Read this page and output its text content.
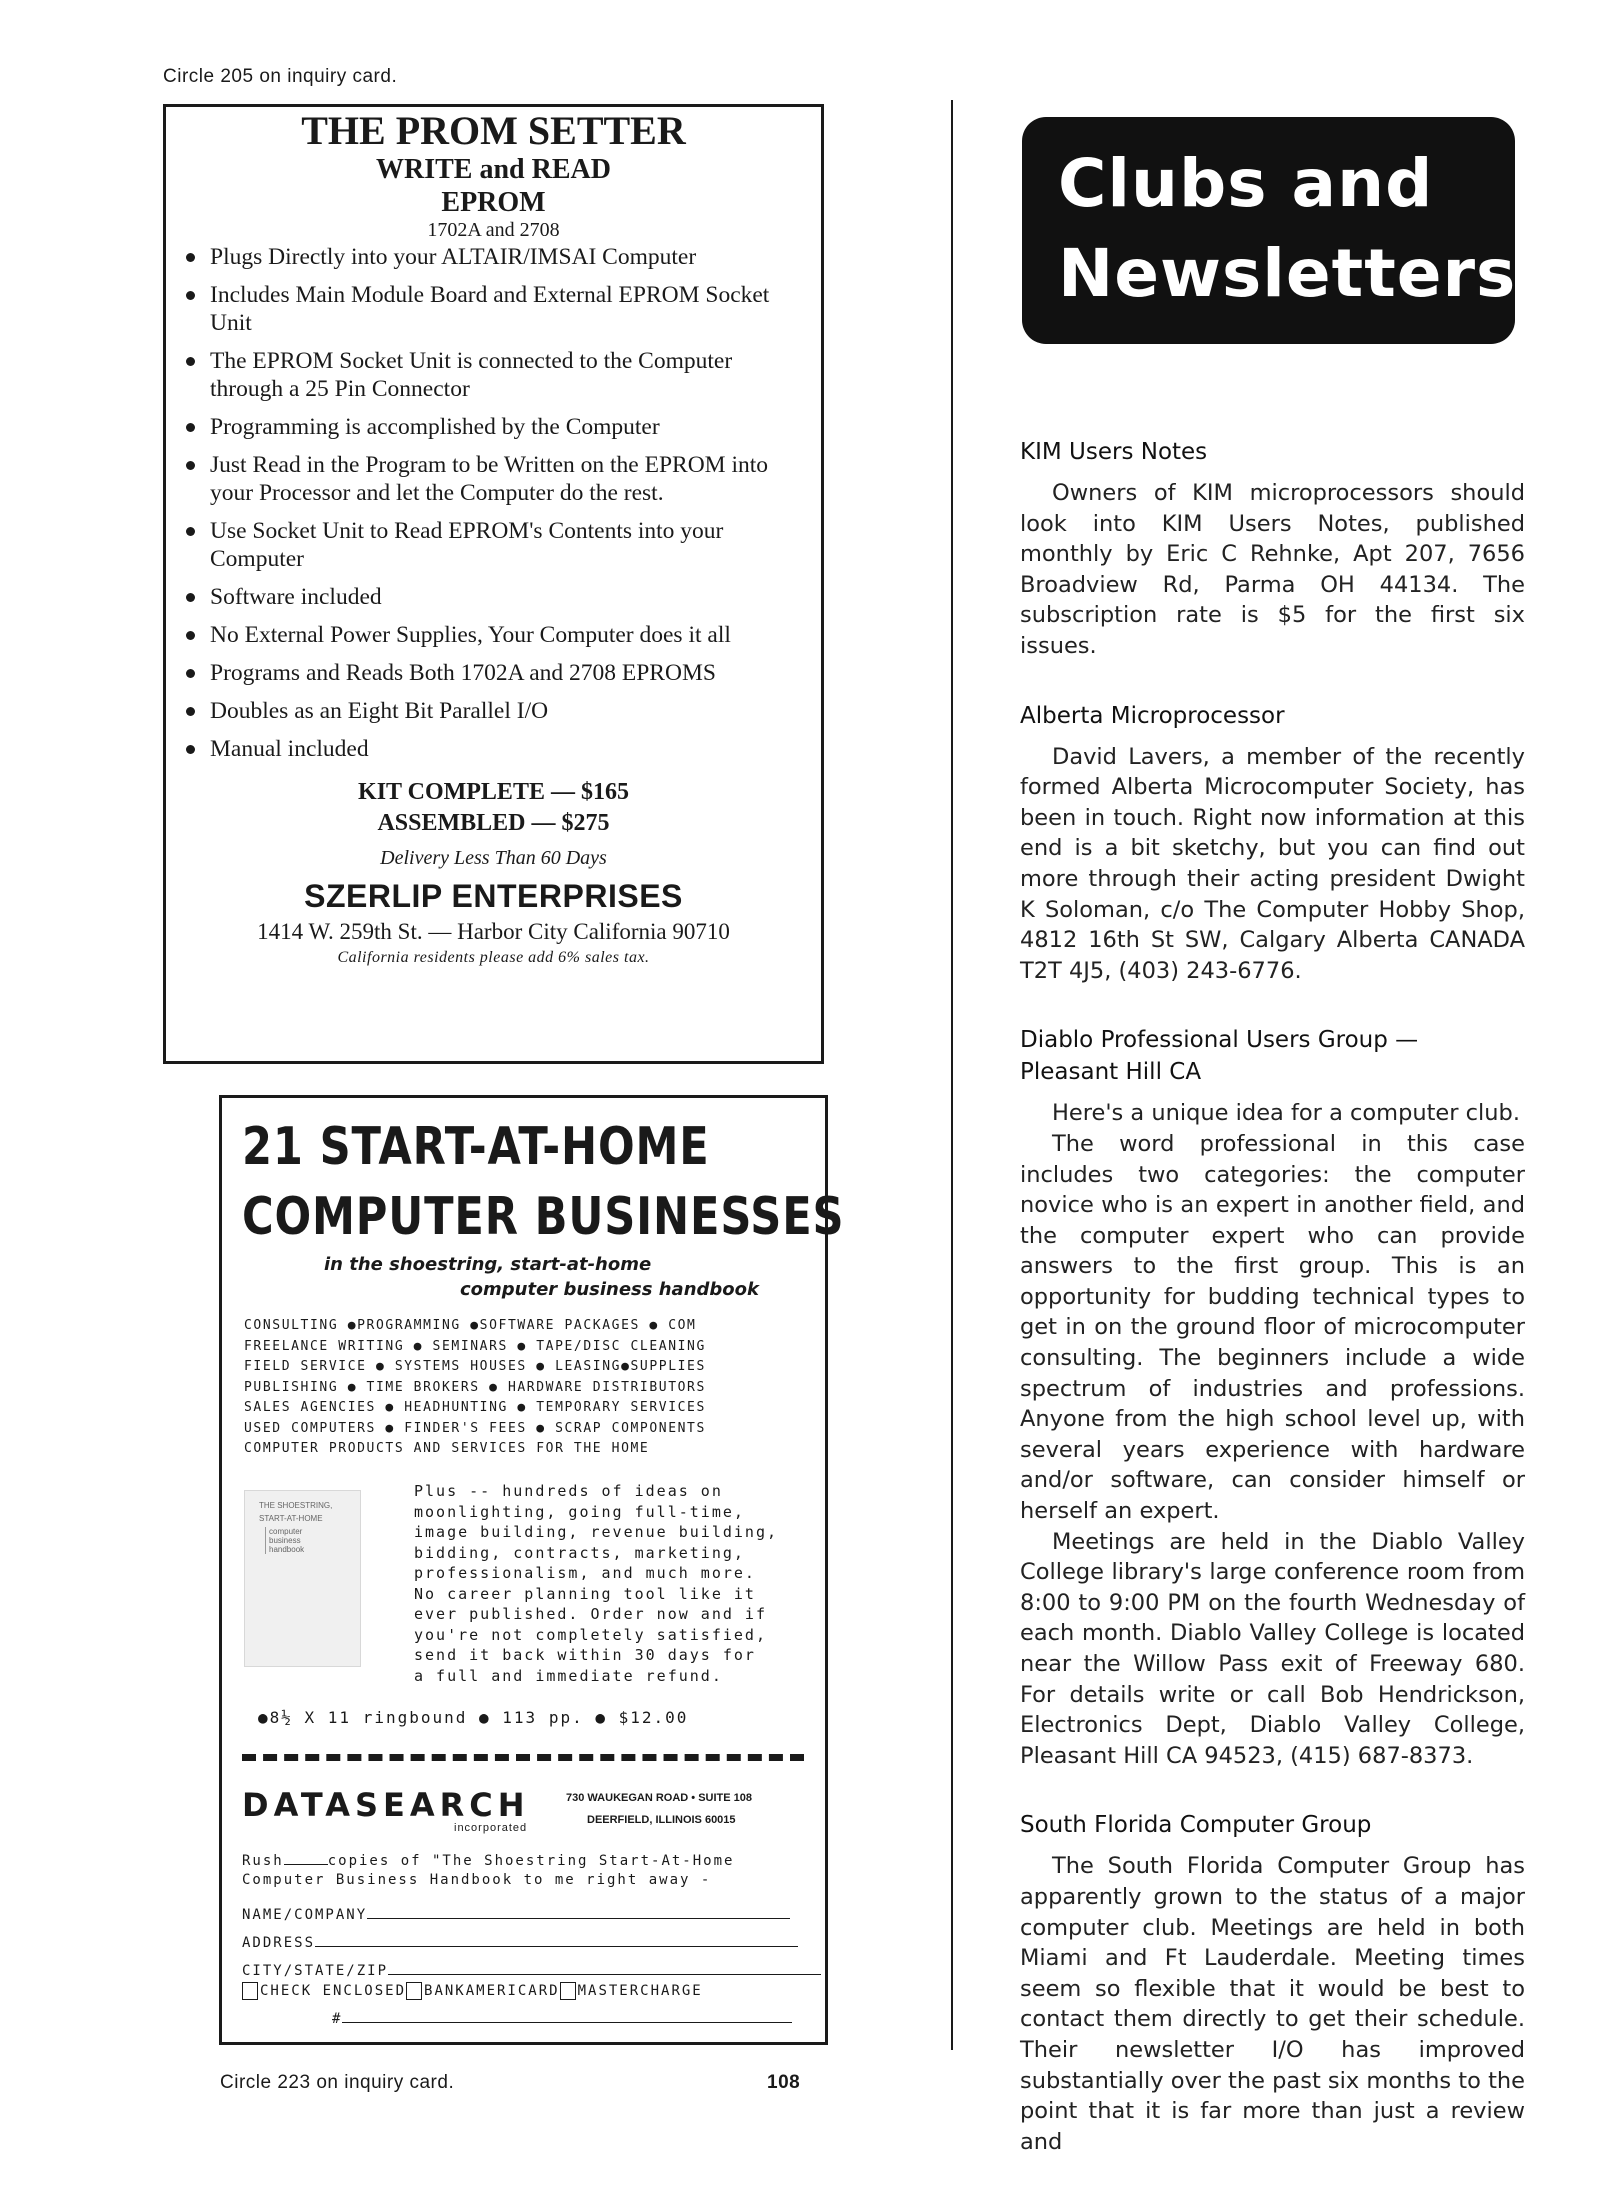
Circle 205 on inquiry card.
Circle 223 on inquiry card.	108
THE PROM SETTER
WRITE and READ
EPROM
1702A and 2708
Plugs Directly into your ALTAIR/IMSAI Computer
Includes Main Module Board and External EPROM Socket Unit
The EPROM Socket Unit is connected to the Computer through a 25 Pin Connector
Programming is accomplished by the Computer
Just Read in the Program to be Written on the EPROM into your Processor and let the Computer do the rest.
Use Socket Unit to Read EPROM's Contents into your Computer
Software included
No External Power Supplies, Your Computer does it all
Programs and Reads Both 1702A and 2708 EPROMS
Doubles as an Eight Bit Parallel I/O
Manual included
KIT COMPLETE — $165
ASSEMBLED — $275
Delivery Less Than 60 Days
SZERLIP ENTERPRISES
1414 W. 259th St. — Harbor City California 90710
California residents please add 6% sales tax.
21 START-AT-HOME
COMPUTER BUSINESSES
in the shoestring, start-at-home
computer business handbook
CONSULTING ●PROGRAMMING ●SOFTWARE PACKAGES ● COM
FREELANCE WRITING ● SEMINARS ● TAPE/DISC CLEANING
FIELD SERVICE ● SYSTEMS HOUSES ● LEASING●SUPPLIES
PUBLISHING ● TIME BROKERS ● HARDWARE DISTRIBUTORS
SALES AGENCIES ● HEADHUNTING ● TEMPORARY SERVICES
USED COMPUTERS ● FINDER'S FEES ● SCRAP COMPONENTS
COMPUTER PRODUCTS AND SERVICES FOR THE HOME
THE SHOESTRING,
START-AT-HOME
computer
business
handbook
Plus -- hundreds of ideas on
moonlighting, going full-time,
image building, revenue building,
bidding, contracts, marketing,
professionalism, and much more.
No career planning tool like it
ever published. Order now and if
you're not completely satisfied,
send it back within 30 days for
a full and immediate refund.
●8½ X 11 ringbound ● 113 pp. ● $12.00
DATASEARCH
incorporated
730 WAUKEGAN ROAD • SUITE 108
DEERFIELD, ILLINOIS 60015
Rush	copies of "The Shoestring Start-At-Home
Computer Business Handbook to me right away -
NAME/COMPANY
ADDRESS
CITY/STATE/ZIP
CHECK ENCLOSED BANKAMERICARD MASTERCHARGE
#
Clubs and
Newsletters
KIM Users Notes

Owners of KIM microprocessors should look into KIM Users Notes, published monthly by Eric C Rehnke, Apt 207, 7656 Broadview Rd, Parma OH 44134. The subscription rate is $5 for the first six issues.

Alberta Microprocessor

David Lavers, a member of the recently formed Alberta Microcomputer Society, has been in touch. Right now information at this end is a bit sketchy, but you can find out more through their acting president Dwight K Soloman, c/o The Computer Hobby Shop, 4812 16th St SW, Calgary Alberta CANADA T2T 4J5, (403) 243-6776.

Diablo Professional Users Group — Pleasant Hill CA

Here's a unique idea for a computer club.

The word professional in this case includes two categories: the computer novice who is an expert in another field, and the computer expert who can provide answers to the first group. This is an opportunity for budding technical types to get in on the ground floor of microcomputer consulting. The beginners include a wide spectrum of industries and professions. Anyone from the high school level up, with several years experience with hardware and/or software, can consider himself or herself an expert.

Meetings are held in the Diablo Valley College library's large conference room from 8:00 to 9:00 PM on the fourth Wednesday of each month. Diablo Valley College is located near the Willow Pass exit of Freeway 680. For details write or call Bob Hendrickson, Electronics Dept, Diablo Valley College, Pleasant Hill CA 94523, (415) 687-8373.

South Florida Computer Group

The South Florida Computer Group has apparently grown to the status of a major computer club. Meetings are held in both Miami and Ft Lauderdale. Meeting times seem so flexible that it would be best to contact them directly to get their schedule. Their newsletter I/O has improved substantially over the past six months to the point that it is far more than just a review and
